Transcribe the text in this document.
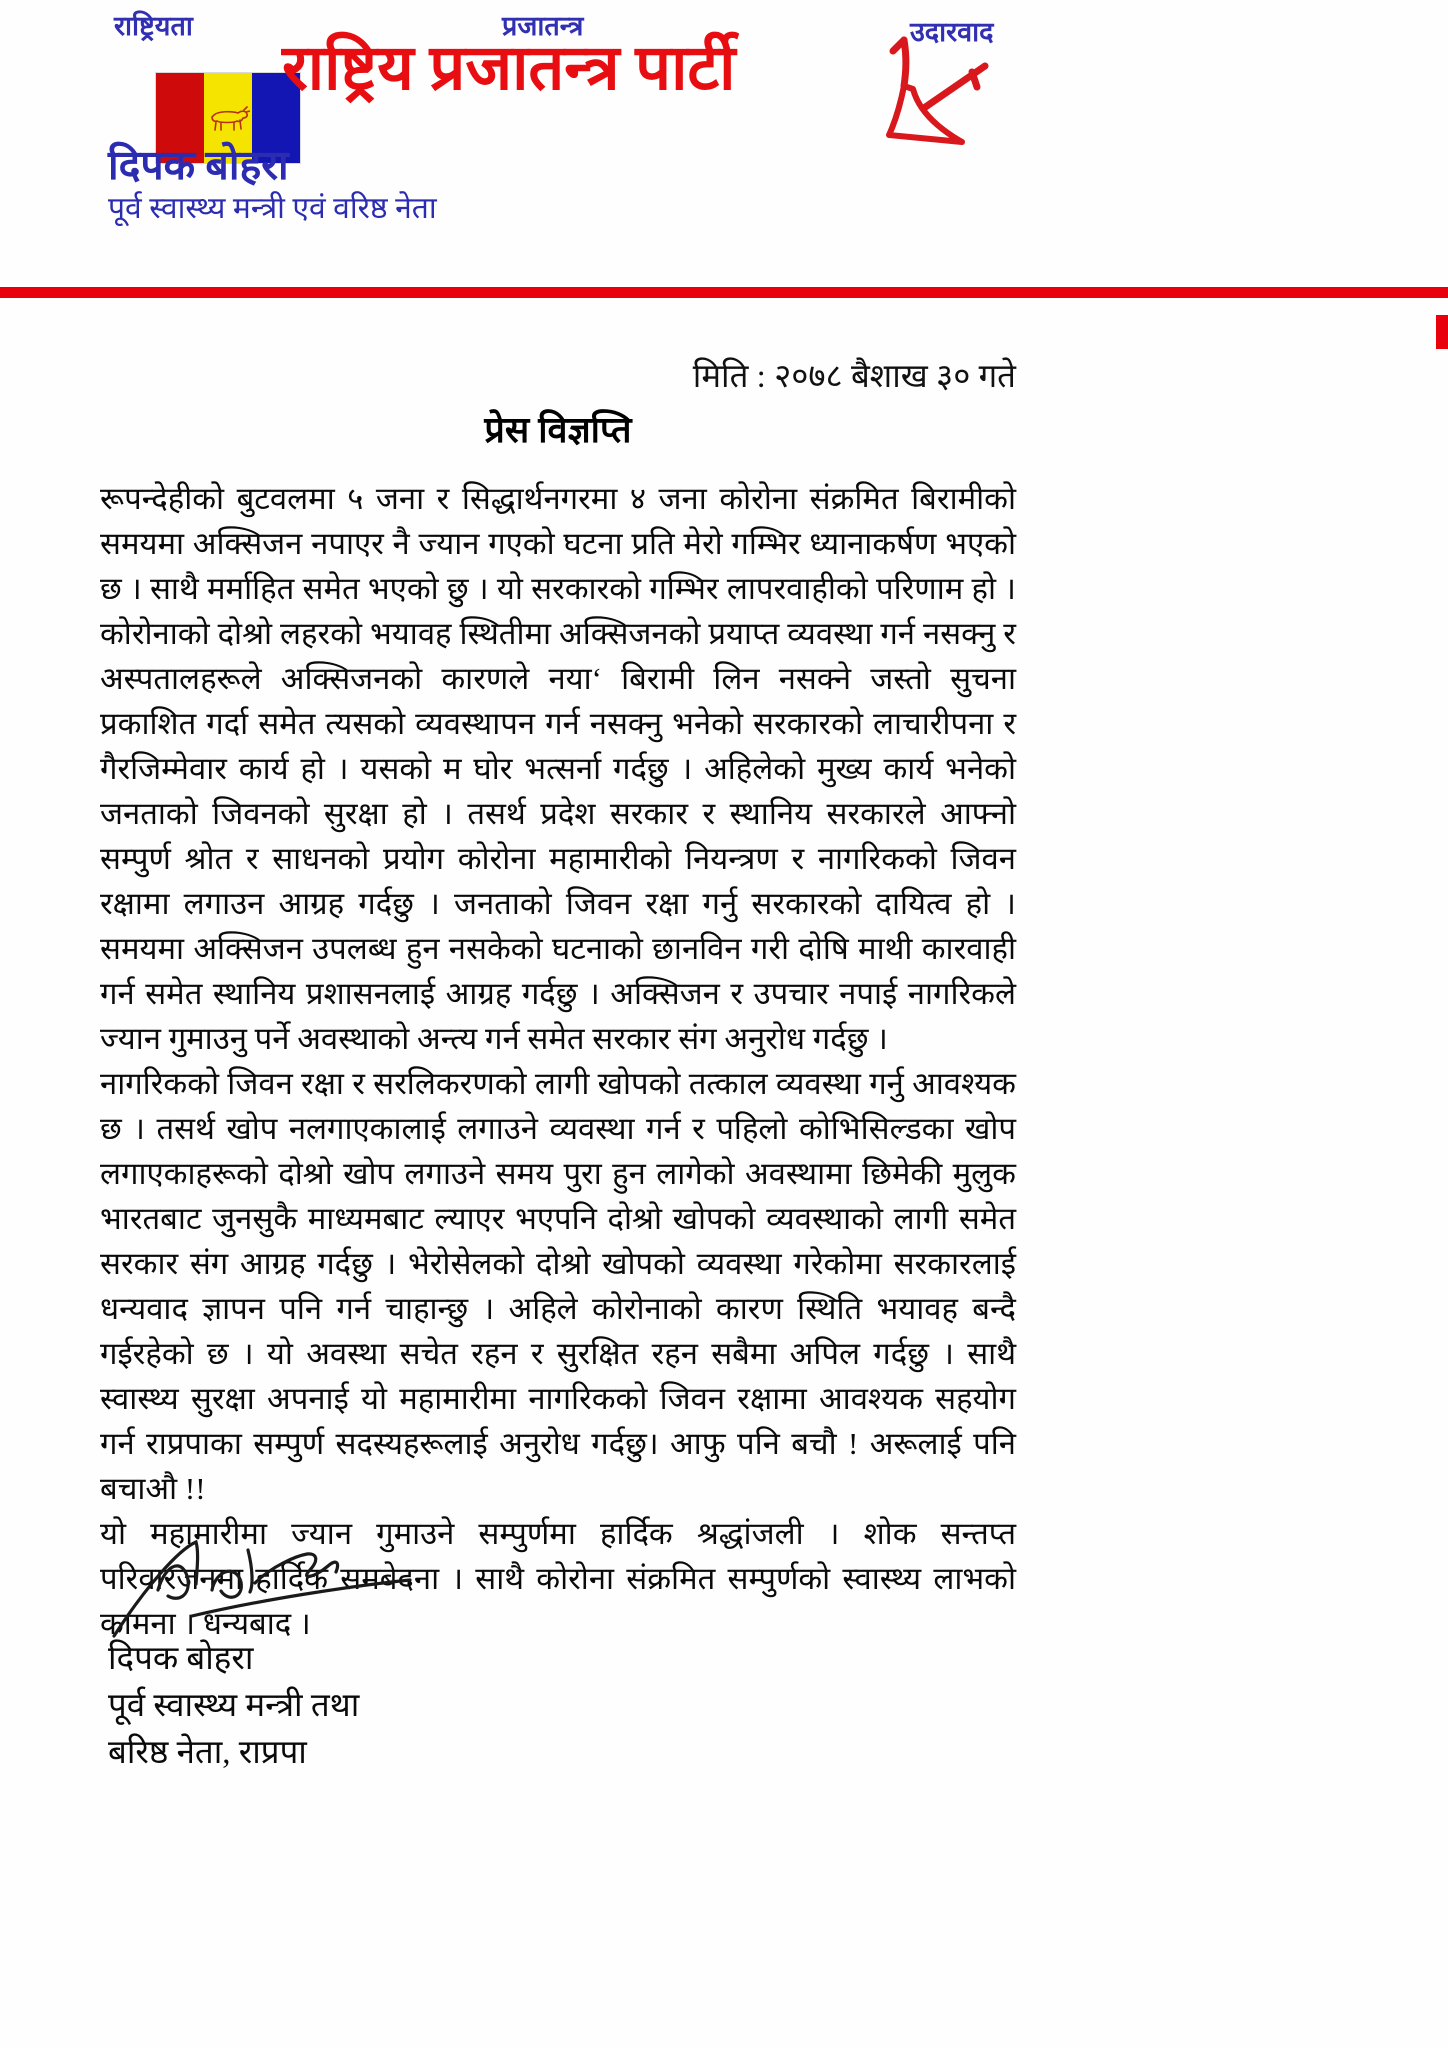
राष्ट्रियता	प्रजातन्त्र	उदारवाद
राष्ट्रिय प्रजातन्त्र पार्टी
दिपक बोहरा
पूर्व स्वास्थ्य मन्त्री एवं वरिष्ठ नेता
मिति : २०७८ बैशाख ३० गते
प्रेस विज्ञप्ति

रूपन्देहीको बुटवलमा ५ जना र सिद्धार्थनगरमा ४ जना कोरोना संक्रमित बिरामीको समयमा अक्सिजन नपाएर नै ज्यान गएको घटना प्रति मेरो गम्भिर ध्यानाकर्षण भएको छ । साथै मर्माहित समेत भएको छु । यो सरकारको गम्भिर लापरवाहीको परिणाम हो । कोरोनाको दोश्रो लहरको भयावह स्थितीमा अक्सिजनको प्रयाप्त व्यवस्था गर्न नसक्नु र अस्पतालहरूले अक्सिजनको कारणले नया‘ बिरामी लिन नसक्ने जस्तो सुचना प्रकाशित गर्दा समेत त्यसको व्यवस्थापन गर्न नसक्नु भनेको सरकारको लाचारीपना र गैरजिम्मेवार कार्य हो । यसको म घोर भत्सर्ना गर्दछु । अहिलेको मुख्य कार्य भनेको जनताको जिवनको सुरक्षा हो । तसर्थ प्रदेश सरकार र स्थानिय सरकारले आफ्नो सम्पुर्ण श्रोत र साधनको प्रयोग कोरोना महामारीको नियन्त्रण र नागरिकको जिवन रक्षामा लगाउन आग्रह गर्दछु । जनताको जिवन रक्षा गर्नु सरकारको दायित्व हो । समयमा अक्सिजन उपलब्ध हुन नसकेको घटनाको छानविन गरी दोषि माथी कारवाही गर्न समेत स्थानिय प्रशासनलाई आग्रह गर्दछु । अक्सिजन र उपचार नपाई नागरिकले ज्यान गुमाउनु पर्ने अवस्थाको अन्त्य गर्न समेत सरकार संग अनुरोध गर्दछु ।

नागरिकको जिवन रक्षा र सरलिकरणको लागी खोपको तत्काल व्यवस्था गर्नु आवश्यक छ । तसर्थ खोप नलगाएकालाई लगाउने व्यवस्था गर्न र पहिलो कोभिसिल्डका खोप लगाएकाहरूको दोश्रो खोप लगाउने समय पुरा हुन लागेको अवस्थामा छिमेकी मुलुक भारतबाट जुनसुकै माध्यमबाट ल्याएर भएपनि दोश्रो खोपको व्यवस्थाको लागी समेत सरकार संग आग्रह गर्दछु । भेरोसेलको दोश्रो खोपको व्यवस्था गरेकोमा सरकारलाई धन्यवाद ज्ञापन पनि गर्न चाहान्छु । अहिले कोरोनाको कारण स्थिति भयावह बन्दै गईरहेको छ । यो अवस्था सचेत रहन र सुरक्षित रहन सबैमा अपिल गर्दछु । साथै स्वास्थ्य सुरक्षा अपनाई यो महामारीमा नागरिकको जिवन रक्षामा आवश्यक सहयोग गर्न राप्रपाका सम्पुर्ण सदस्यहरूलाई अनुरोध गर्दछु। आफु पनि बचौ ! अरूलाई पनि बचाऔ !!

यो महामारीमा ज्यान गुमाउने सम्पुर्णमा हार्दिक श्रद्धांजली । शोक सन्तप्त परिवारजनमा हार्दिक समबेदना । साथै कोरोना संक्रमित सम्पुर्णको स्वास्थ्य लाभको कामना । धन्यबाद ।

दिपक बोहरा
पूर्व स्वास्थ्य मन्त्री तथा
बरिष्ठ नेता, राप्रपा
